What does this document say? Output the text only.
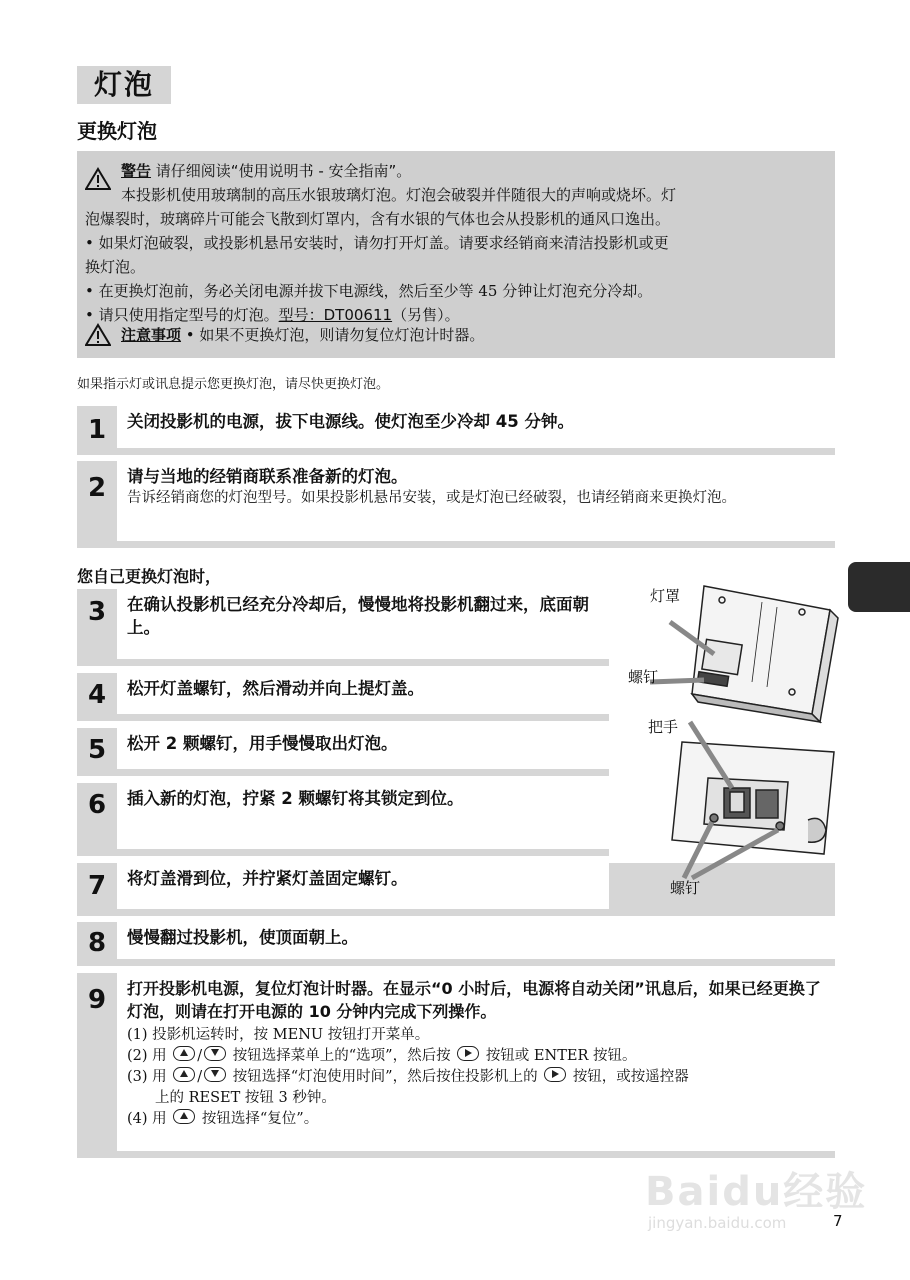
灯泡
更换灯泡
警告 请仔细阅读“使用说明书 - 安全指南”。
本投影机使用玻璃制的高压水银玻璃灯泡。灯泡会破裂并伴随很大的声响或烧坏。灯
泡爆裂时，玻璃碎片可能会飞散到灯罩内，含有水银的气体也会从投影机的通风口逸出。
• 如果灯泡破裂，或投影机悬吊安装时，请勿打开灯盖。请要求经销商来清洁投影机或更
换灯泡。
• 在更换灯泡前，务必关闭电源并拔下电源线，然后至少等 45 分钟让灯泡充分冷却。
• 请只使用指定型号的灯泡。型号：DT00611（另售）。
注意事项 • 如果不更换灯泡，则请勿复位灯泡计时器。
如果指示灯或讯息提示您更换灯泡，请尽快更换灯泡。
1	关闭投影机的电源，拔下电源线。使灯泡至少冷却 45 分钟。
2	请与当地的经销商联系准备新的灯泡。
告诉经销商您的灯泡型号。如果投影机悬吊安装，或是灯泡已经破裂，也请经销商来更换灯泡。
您自己更换灯泡时，
3	在确认投影机已经充分冷却后，慢慢地将投影机翻过来，底面朝上。
4	松开灯盖螺钉，然后滑动并向上提灯盖。
5	松开 2 颗螺钉，用手慢慢取出灯泡。
6	插入新的灯泡，拧紧 2 颗螺钉将其锁定到位。
7	将灯盖滑到位，并拧紧灯盖固定螺钉。
8	慢慢翻过投影机，使顶面朝上。
9	打开投影机电源，复位灯泡计时器。在显示“0 小时后，电源将自动关闭”讯息后，如果已经更换了灯泡，则请在打开电源的 10 分钟内完成下列操作。
(1) 投影机运转时，按 MENU 按钮打开菜单。
(2) 用 / 按钮选择菜单上的“选项”，然后按 按钮或 ENTER 按钮。
(3) 用 / 按钮选择“灯泡使用时间”，然后按住投影机上的 按钮，或按遥控器
上的 RESET 按钮 3 秒钟。
(4) 用 按钮选择“复位”。
灯罩
螺钉
把手
螺钉
Baidu经验
jingyan.baidu.com	7
